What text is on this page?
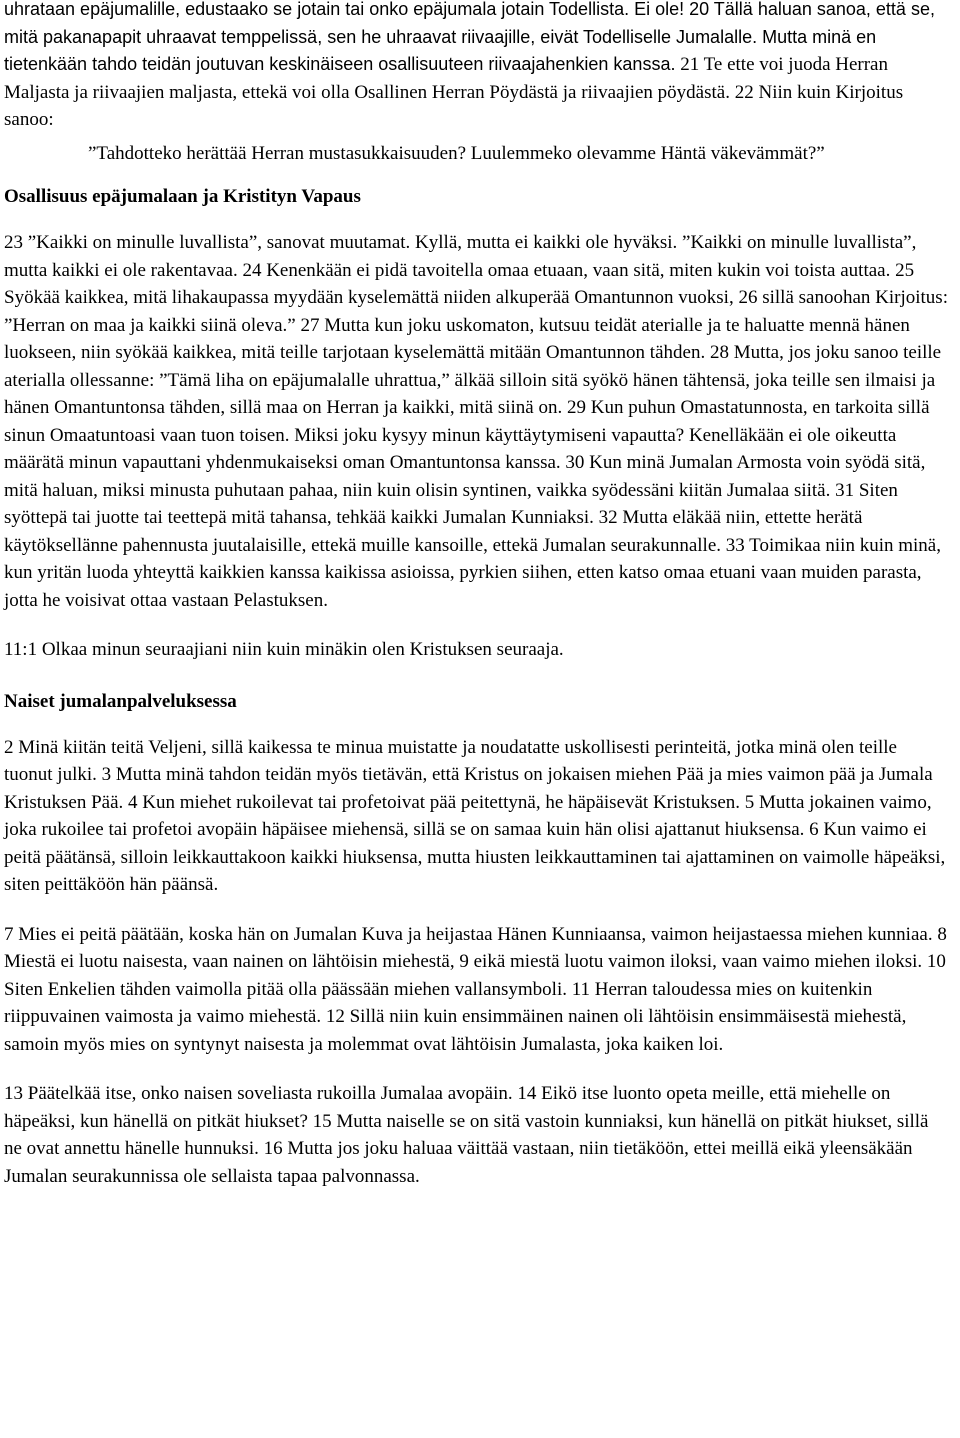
uhrataan epäjumalille, edustaako se jotain tai onko epäjumala jotain Todellista. Ei ole! 20 Tällä haluan sanoa, että se, mitä pakanapapit uhraavat temppelissä, sen he uhraavat riivaajille, eivät Todelliselle Jumalalle. Mutta minä en tietenkään tahdo teidän joutuvan keskinäiseen osallisuuteen riivaajahenkien kanssa. 21 Te ette voi juoda Herran Maljasta ja riivaajien maljasta, ettekä voi olla Osallinen Herran Pöydästä ja riivaajien pöydästä. 22 Niin kuin Kirjoitus sanoo:

”Tahdotteko herättää Herran mustasukkaisuuden? Luulemmeko olevamme Häntä väkevämmät?”

Osallisuus epäjumalaan ja Kristityn Vapaus

23 ”Kaikki on minulle luvallista”, sanovat muutamat. Kyllä, mutta ei kaikki ole hyväksi. ”Kaikki on minulle luvallista”, mutta kaikki ei ole rakentavaa. 24 Kenenkään ei pidä tavoitella omaa etuaan, vaan sitä, miten kukin voi toista auttaa. 25 Syökää kaikkea, mitä lihakaupassa myydään kyselemättä niiden alkuperää Omantunnon vuoksi, 26 sillä sanoohan Kirjoitus: ”Herran on maa ja kaikki siinä oleva.” 27 Mutta kun joku uskomaton, kutsuu teidät aterialle ja te haluatte mennä hänen luokseen, niin syökää kaikkea, mitä teille tarjotaan kyselemättä mitään Omantunnon tähden. 28 Mutta, jos joku sanoo teille aterialla ollessanne: ”Tämä liha on epäjumalalle uhrattua,” älkää silloin sitä syökö hänen tähtensä, joka teille sen ilmaisi ja hänen Omantuntonsa tähden, sillä maa on Herran ja kaikki, mitä siinä on. 29 Kun puhun Omastatunnosta, en tarkoita sillä sinun Omaatuntoasi vaan tuon toisen. Miksi joku kysyy minun käyttäytymiseni vapautta? Kenelläkään ei ole oikeutta määrätä minun vapauttani yhdenmukaiseksi oman Omantuntonsa kanssa. 30 Kun minä Jumalan Armosta voin syödä sitä, mitä haluan, miksi minusta puhutaan pahaa, niin kuin olisin syntinen, vaikka syödessäni kiitän Jumalaa siitä. 31 Siten syöttepä tai juotte tai teettepä mitä tahansa, tehkää kaikki Jumalan Kunniaksi. 32 Mutta eläkää niin, ettette herätä käytöksellänne pahennusta juutalaisille, ettekä muille kansoille, ettekä Jumalan seurakunnalle. 33 Toimikaa niin kuin minä, kun yritän luoda yhteyttä kaikkien kanssa kaikissa asioissa, pyrkien siihen, etten katso omaa etuani vaan muiden parasta, jotta he voisivat ottaa vastaan Pelastuksen.

11:1 Olkaa minun seuraajiani niin kuin minäkin olen Kristuksen seuraaja.

Naiset jumalanpalveluksessa

2 Minä kiitän teitä Veljeni, sillä kaikessa te minua muistatte ja noudatatte uskollisesti perinteitä, jotka minä olen teille tuonut julki. 3 Mutta minä tahdon teidän myös tietävän, että Kristus on jokaisen miehen Pää ja mies vaimon pää ja Jumala Kristuksen Pää. 4 Kun miehet rukoilevat tai profetoivat pää peitettynä, he häpäisevät Kristuksen. 5 Mutta jokainen vaimo, joka rukoilee tai profetoi avopäin häpäisee miehensä, sillä se on samaa kuin hän olisi ajattanut hiuksensa. 6 Kun vaimo ei peitä päätänsä, silloin leikkauttakoon kaikki hiuksensa, mutta hiusten leikkauttaminen tai ajattaminen on vaimolle häpeäksi, siten peittäköön hän päänsä.

7 Mies ei peitä päätään, koska hän on Jumalan Kuva ja heijastaa Hänen Kunniaansa, vaimon heijastaessa miehen kunniaa. 8 Miestä ei luotu naisesta, vaan nainen on lähtöisin miehestä, 9 eikä miestä luotu vaimon iloksi, vaan vaimo miehen iloksi. 10 Siten Enkelien tähden vaimolla pitää olla päässään miehen vallansymboli. 11 Herran taloudessa mies on kuitenkin riippuvainen vaimosta ja vaimo miehestä. 12 Sillä niin kuin ensimmäinen nainen oli lähtöisin ensimmäisestä miehestä, samoin myös mies on syntynyt naisesta ja molemmat ovat lähtöisin Jumalasta, joka kaiken loi.

13 Päätelkää itse, onko naisen soveliasta rukoilla Jumalaa avopäin. 14 Eikö itse luonto opeta meille, että miehelle on häpeäksi, kun hänellä on pitkät hiukset? 15 Mutta naiselle se on sitä vastoin kunniaksi, kun hänellä on pitkät hiukset, sillä ne ovat annettu hänelle hunnuksi. 16 Mutta jos joku haluaa väittää vastaan, niin tietäköön, ettei meillä eikä yleensäkään Jumalan seurakunnissa ole sellaista tapaa palvonnassa.
